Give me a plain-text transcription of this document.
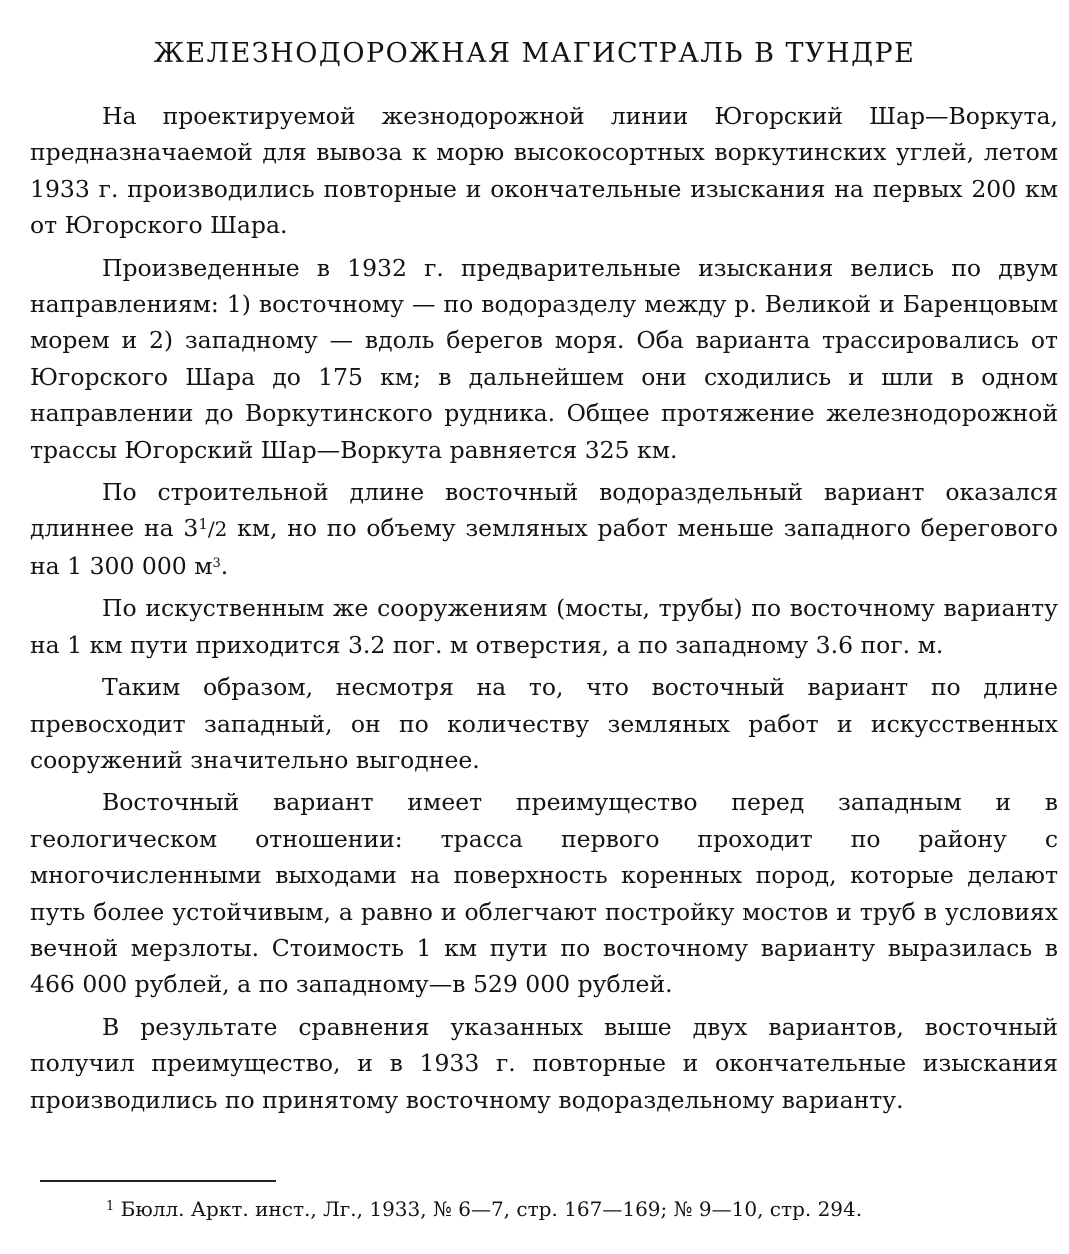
ЖЕЛЕЗНОДОРОЖНАЯ МАГИСТРАЛЬ В ТУНДРЕ

На проектируемой жезнодорожной линии Югорский Шар—Воркута, предназначаемой для вывоза к морю высокосортных воркутинских углей, летом 1933 г. производились повторные и окончательные изыскания на первых 200 км от Югорского Шара.

Произведенные в 1932 г. предварительные изыскания велись по двум направлениям: 1) восточному — по водоразделу между р. Великой и Баренцовым морем и 2) западному — вдоль берегов моря. Оба варианта трассировались от Югорского Шара до 175 км; в дальнейшем они сходились и шли в одном направлении до Воркутинского рудника. Общее протяжение железнодорожной трассы Югорский Шар—Воркута равняется 325 км.

По строительной длине восточный водораздельный вариант оказался длиннее на $3^1/2$ км, но по объему земляных работ меньше западного берегового на 1 300 000 $м^3$.

По искуственным же сооружениям (мосты, трубы) по восточному варианту на 1 км пути приходится 3.2 пог. м отверстия, а по западному 3.6 пог. м.

Таким образом, несмотря на то, что восточный вариант по длине превосходит западный, он по количеству земляных работ и искусственных сооружений значительно выгоднее.

Восточный вариант имеет преимущество перед западным и в геологическом отношении: трасса первого проходит по району с многочисленными выходами на поверхность коренных пород, которые делают путь более устойчивым, а равно и облегчают постройку мостов и труб в условиях вечной мерзлоты. Стоимость 1 км пути по восточному варианту выразилась в 466 000 рублей, а по западному—в 529 000 рублей.

В результате сравнения указанных выше двух вариантов, восточный получил преимущество, и в 1933 г. повторные и окончательные изыскания производились по принятому восточному водораздельному варианту.

$^1$ Бюлл. Аркт. инст., Лг., 1933, № 6—7, стр. 167—169; № 9—10, стр. 294.
